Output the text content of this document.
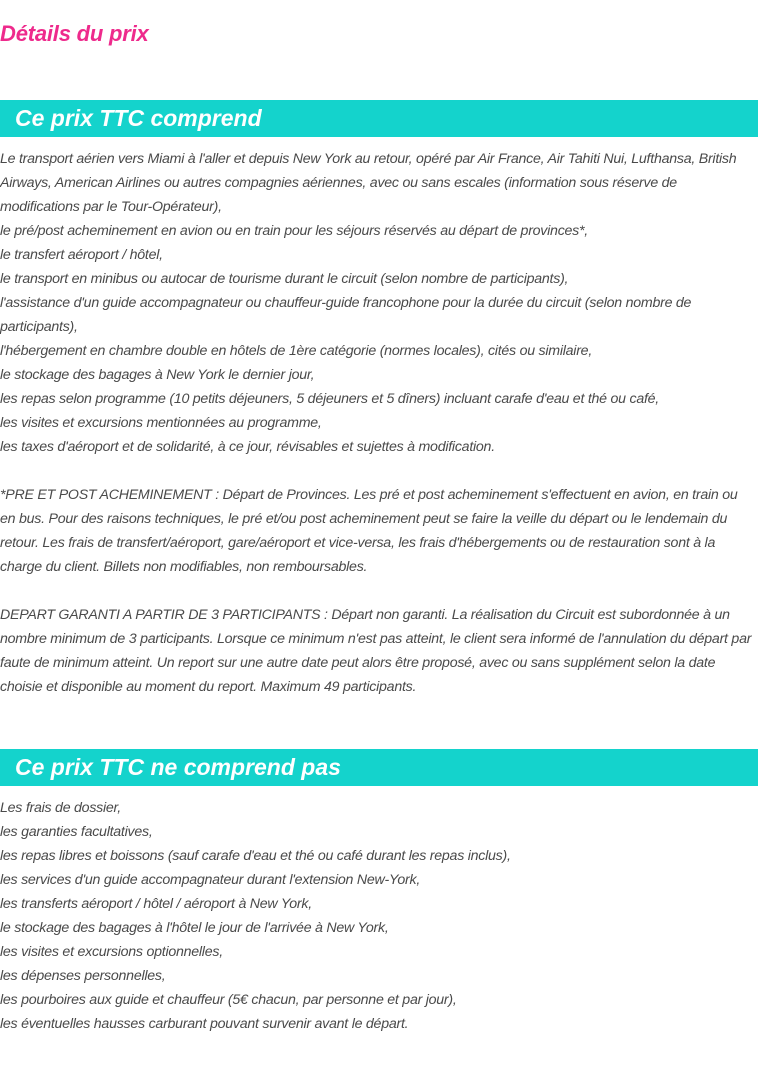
Détails du prix
Ce prix TTC comprend

Le transport aérien vers Miami à l'aller et depuis New York au retour, opéré par Air France, Air Tahiti Nui, Lufthansa, British Airways, American Airlines ou autres compagnies aériennes, avec ou sans escales (information sous réserve de modifications par le Tour-Opérateur),

le pré/post acheminement en avion ou en train pour les séjours réservés au départ de provinces*,

le transfert aéroport / hôtel,

le transport en minibus ou autocar de tourisme durant le circuit (selon nombre de participants),

l'assistance d'un guide accompagnateur ou chauffeur-guide francophone pour la durée du circuit (selon nombre de participants),

l'hébergement en chambre double en hôtels de 1ère catégorie (normes locales), cités ou similaire,

le stockage des bagages à New York le dernier jour,

les repas selon programme (10 petits déjeuners, 5 déjeuners et 5 dîners) incluant carafe d'eau et thé ou café,

les visites et excursions mentionnées au programme,

les taxes d'aéroport et de solidarité, à ce jour, révisables et sujettes à modification.

*PRE ET POST ACHEMINEMENT : Départ de Provinces. Les pré et post acheminement s'effectuent en avion, en train ou en bus. Pour des raisons techniques, le pré et/ou post acheminement peut se faire la veille du départ ou le lendemain du retour. Les frais de transfert/aéroport, gare/aéroport et vice-versa, les frais d'hébergements ou de restauration sont à la charge du client. Billets non modifiables, non remboursables.

DEPART GARANTI A PARTIR DE 3 PARTICIPANTS : Départ non garanti. La réalisation du Circuit est subordonnée à un nombre minimum de 3 participants. Lorsque ce minimum n'est pas atteint, le client sera informé de l'annulation du départ par faute de minimum atteint. Un report sur une autre date peut alors être proposé, avec ou sans supplément selon la date choisie et disponible au moment du report. Maximum 49 participants.

Ce prix TTC ne comprend pas

Les frais de dossier,

les garanties facultatives,

les repas libres et boissons (sauf carafe d'eau et thé ou café durant les repas inclus),

les services d'un guide accompagnateur durant l'extension New-York,

les transferts aéroport / hôtel / aéroport à New York,

le stockage des bagages à l'hôtel le jour de l'arrivée à New York,

les visites et excursions optionnelles,

les dépenses personnelles,

les pourboires aux guide et chauffeur (5€ chacun, par personne et par jour),

les éventuelles hausses carburant pouvant survenir avant le départ.
